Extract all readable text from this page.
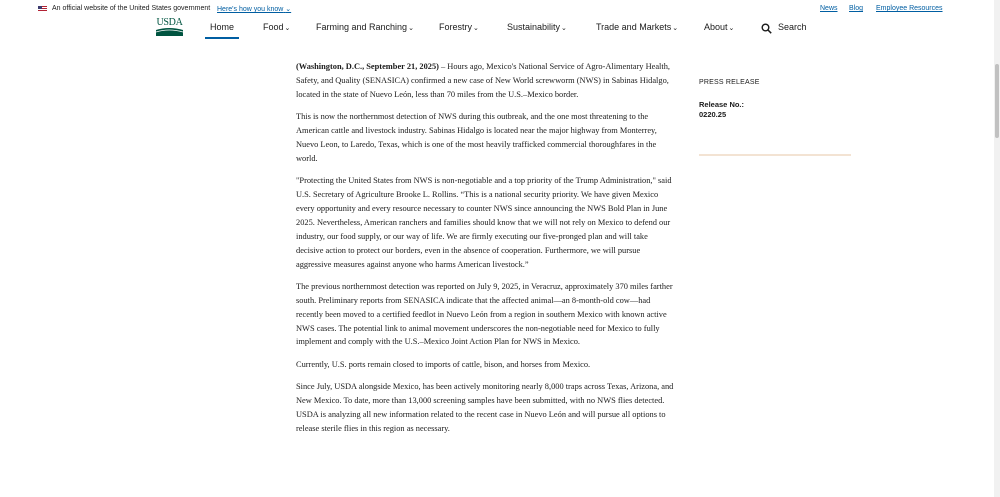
An official website of the United States government Here's how you know ⌄	News Blog Employee Resources
USDA	Home	Food⌄	Farming and Ranching⌄	Forestry⌄	Sustainability⌄	Trade and Markets⌄	About⌄	Search

(Washington, D.C., September 21, 2025) – Hours ago, Mexico's National Service of Agro-Alimentary Health, Safety, and Quality (SENASICA) confirmed a new case of New World screwworm (NWS) in Sabinas Hidalgo, located in the state of Nuevo León, less than 70 miles from the U.S.–Mexico border.

This is now the northernmost detection of NWS during this outbreak, and the one most threatening to the American cattle and livestock industry. Sabinas Hidalgo is located near the major highway from Monterrey, Nuevo Leon, to Laredo, Texas, which is one of the most heavily trafficked commercial thoroughfares in the world.

"Protecting the United States from NWS is non-negotiable and a top priority of the Trump Administration," said U.S. Secretary of Agriculture Brooke L. Rollins. “This is a national security priority. We have given Mexico every opportunity and every resource necessary to counter NWS since announcing the NWS Bold Plan in June 2025. Nevertheless, American ranchers and families should know that we will not rely on Mexico to defend our industry, our food supply, or our way of life. We are firmly executing our five-pronged plan and will take decisive action to protect our borders, even in the absence of cooperation. Furthermore, we will pursue aggressive measures against anyone who harms American livestock.”

The previous northernmost detection was reported on July 9, 2025, in Veracruz, approximately 370 miles farther south. Preliminary reports from SENASICA indicate that the affected animal—an 8-month-old cow—had recently been moved to a certified feedlot in Nuevo León from a region in southern Mexico with known active NWS cases. The potential link to animal movement underscores the non-negotiable need for Mexico to fully implement and comply with the U.S.–Mexico Joint Action Plan for NWS in Mexico.

Currently, U.S. ports remain closed to imports of cattle, bison, and horses from Mexico.

Since July, USDA alongside Mexico, has been actively monitoring nearly 8,000 traps across Texas, Arizona, and New Mexico. To date, more than 13,000 screening samples have been submitted, with no NWS flies detected. USDA is analyzing all new information related to the recent case in Nuevo León and will pursue all options to release sterile flies in this region as necessary.

PRESS RELEASE
Release No.:
0220.25
